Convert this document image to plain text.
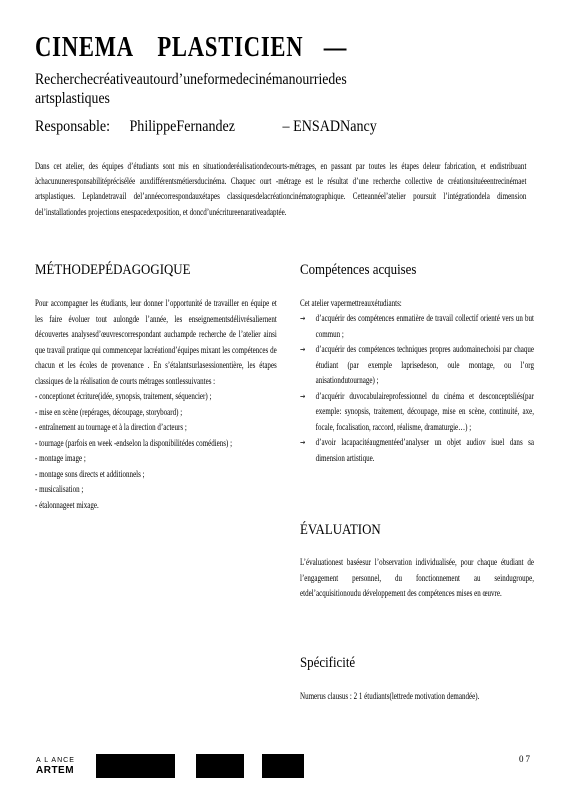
CINEMA PLASTICIEN —
Recherchecréativeautourd’uneformedecinémanourriedes artsplastiques
Responsable: PhilippeFernandez	– ENSADNancy
Dans cet atelier, des équipes d’étudiants sont mis en situationderéalisationdecourts-métrages, en passant par toutes les étapes deleur fabrication, et endistribuant àchacununeresponsabilitéprécisélée auxdifférentsmétiersducinéma. Chaquec ourt -métrage est le résultat d’une recherche collective de créationsituéeentrecinémaet artsplastiques. Leplandetravail del’annéecorrespondauxétapes classiquesdelacréationcinématographique. Cetteannéel’atelier poursuit l’intégrationdela dimension del’installationdes projections enespacedexposition, et doncd’unécritureenarativeadaptée.
MÉTHODEPÉDAGOGIQUE

Pour accompagner les étudiants, leur donner l’opportunité de travailler en équipe et les faire évoluer tout aulongde l’année, les enseignementsdélivrésaliernent découvertes analysesd’œuvrescorrespondant auchampde recherche de l’atelier ainsi que travail pratique qui commencepar lacréationd’équipes mixant les compétences de chacun et les écoles de provenance . En s’étalantsurlasessionentière, les étapes classiques de la réalisation de courts métrages sontlessuivantes :

- conceptionet écriture(idée, synopsis, traitement, séquencier) ;

- mise en scène (repérages, découpage, storyboard) ;

- entraînement au tournage et à la direction d’acteurs ;

- tournage (parfois en week -endselon la disponibilitédes comédiens) ;

- montage image ;

- montage sons directs et additionnels ;

- musicalisation ;

- étalonnageet mixage.

Compétences acquises
Cet atelier vapermettreauxétudiants:
→ d’acquérir des compétences enmatière de travail collectif orienté vers un but commun ;
→ d’acquérir des compétences techniques propres audomainechoisi par chaque étudiant (par exemple laprisedeson, oule montage, ou l’org anisationdutournage) ;
→ d’acquérir duvocabulaireprofessionnel du cinéma et desconceptsliés(par exemple: synopsis, traitement, découpage, mise en scène, continuité, axe, focale, focalisation, raccord, réalisme, dramaturgie…) ;
→ d’avoir lacapacitéaugmentéed’analyser un objet audiov isuel dans sa dimension artistique.
ÉVALUATION
L’évaluationest baséesur l’observation individualisée, pour chaque étudiant de l’engagement personnel, du fonctionnement au seindugroupe, etdel’acquisitionoudu développement des compétences mises en œuvre.
Spécificité
Numerus clausus : 2 1 étudiants(lettrede motivation demandée).
A L ANCE
ARTEM
07
